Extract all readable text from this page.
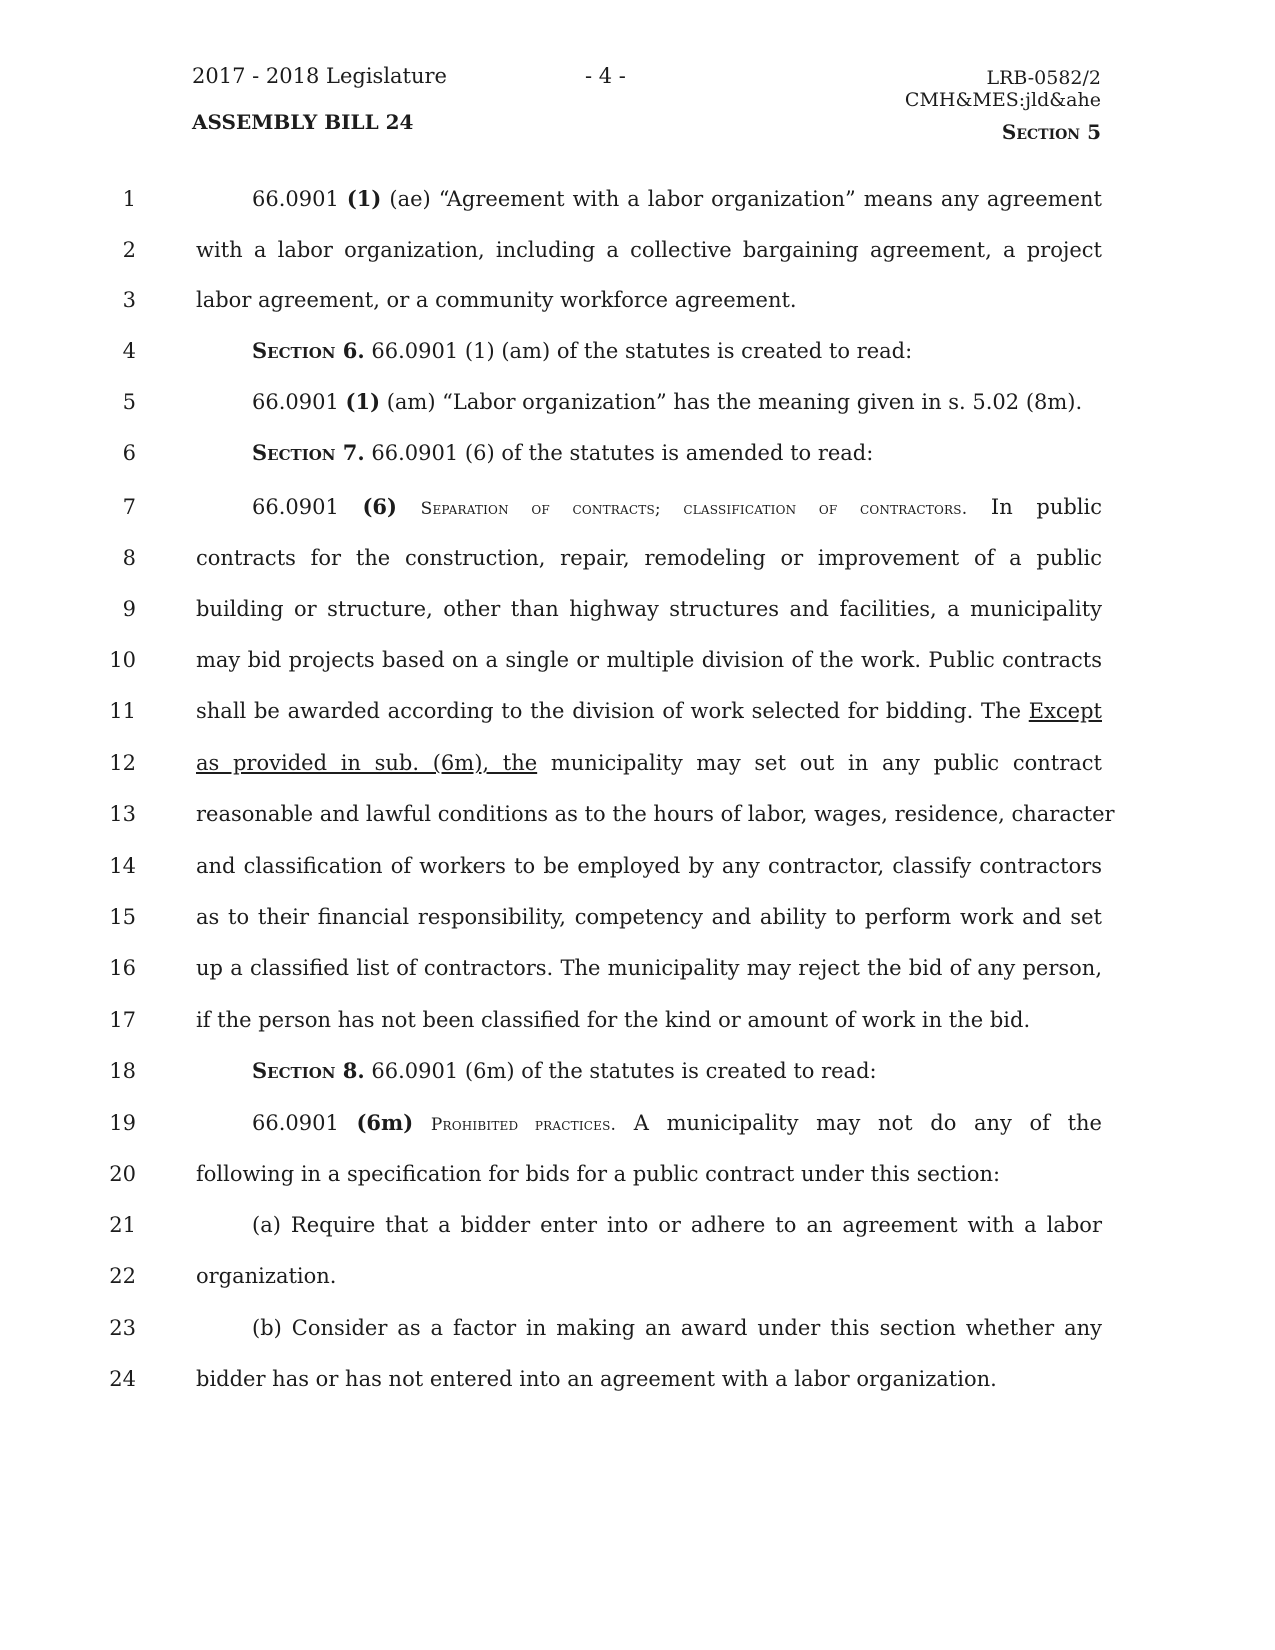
2017 - 2018 Legislature	- 4 -	LRB-0582/2
CMH&MES:jld&ahe
ASSEMBLY BILL 24	Section 5
1	66.0901 (1) (ae) “Agreement with a labor organization” means any agreement
2	with a labor organization, including a collective bargaining agreement, a project
3	labor agreement, or a community workforce agreement.
4	Section 6. 66.0901 (1) (am) of the statutes is created to read:
5	66.0901 (1) (am) “Labor organization” has the meaning given in s. 5.02 (8m).
6	Section 7. 66.0901 (6) of the statutes is amended to read:
7	66.0901 (6) Separation of contracts; classification of contractors. In public
8	contracts for the construction, repair, remodeling or improvement of a public
9	building or structure, other than highway structures and facilities, a municipality
10	may bid projects based on a single or multiple division of the work. Public contracts
11	shall be awarded according to the division of work selected for bidding. The Except
12	as provided in sub. (6m), the municipality may set out in any public contract
13	reasonable and lawful conditions as to the hours of labor, wages, residence, character
14	and classification of workers to be employed by any contractor, classify contractors
15	as to their financial responsibility, competency and ability to perform work and set
16	up a classified list of contractors. The municipality may reject the bid of any person,
17	if the person has not been classified for the kind or amount of work in the bid.
18	Section 8. 66.0901 (6m) of the statutes is created to read:
19	66.0901 (6m) Prohibited practices. A municipality may not do any of the
20	following in a specification for bids for a public contract under this section:
21	(a) Require that a bidder enter into or adhere to an agreement with a labor
22	organization.
23	(b) Consider as a factor in making an award under this section whether any
24	bidder has or has not entered into an agreement with a labor organization.
